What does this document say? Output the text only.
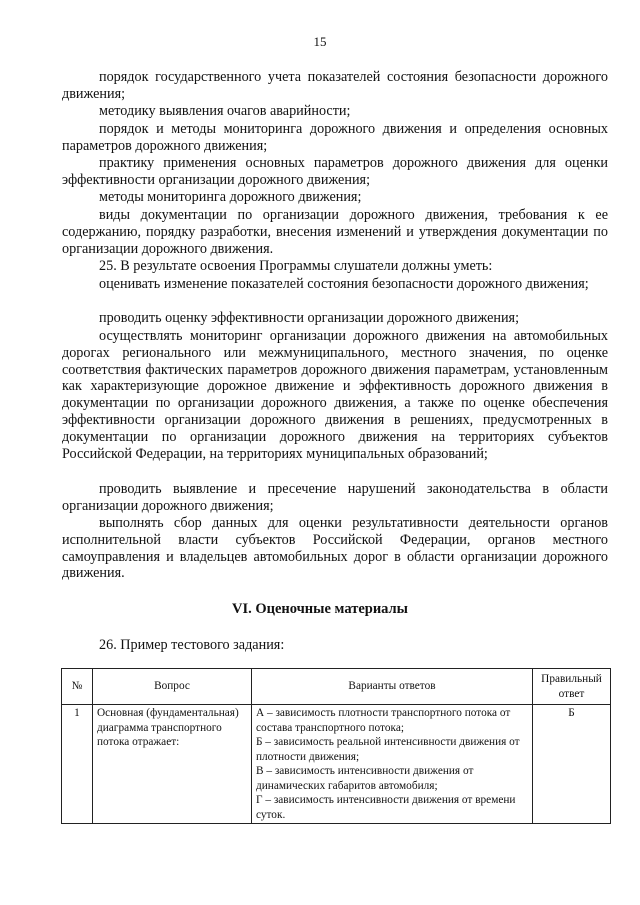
15

порядок государственного учета показателей состояния безопасности дорожного движения;

методику выявления очагов аварийности;

порядок и методы мониторинга дорожного движения и определения основных параметров дорожного движения;

практику применения основных параметров дорожного движения для оценки эффективности организации дорожного движения;

методы мониторинга дорожного движения;

виды документации по организации дорожного движения, требования к ее содержанию, порядку разработки, внесения изменений и утверждения документации по организации дорожного движения.

25. В результате освоения Программы слушатели должны уметь:

оценивать изменение показателей состояния безопасности дорожного движения;

проводить оценку эффективности организации дорожного движения;

осуществлять мониторинг организации дорожного движения на автомобильных дорогах регионального или межмуниципального, местного значения, по оценке соответствия фактических параметров дорожного движения параметрам, установленным как характеризующие дорожное движение и эффективность дорожного движения в документации по организации дорожного движения, а также по оценке обеспечения эффективности организации дорожного движения в решениях, предусмотренных в документации по организации дорожного движения на территориях субъектов Российской Федерации, на территориях муниципальных образований;

проводить выявление и пресечение нарушений законодательства в области организации дорожного движения;

выполнять сбор данных для оценки результативности деятельности органов исполнительной власти субъектов Российской Федерации, органов местного самоуправления и владельцев автомобильных дорог в области организации дорожного движения.

VI. Оценочные материалы
26. Пример тестового задания:
№	Вопрос	Варианты ответов	Правильный ответ
1	Основная (фундаментальная) диаграмма транспортного потока отражает:	А – зависимость плотности транспортного потока от состава транспортного потока;
Б – зависимость реальной интенсивности движения от плотности движения;
В – зависимость интенсивности движения от динамических габаритов автомобиля;
Г – зависимость интенсивности движения от времени суток.	Б
